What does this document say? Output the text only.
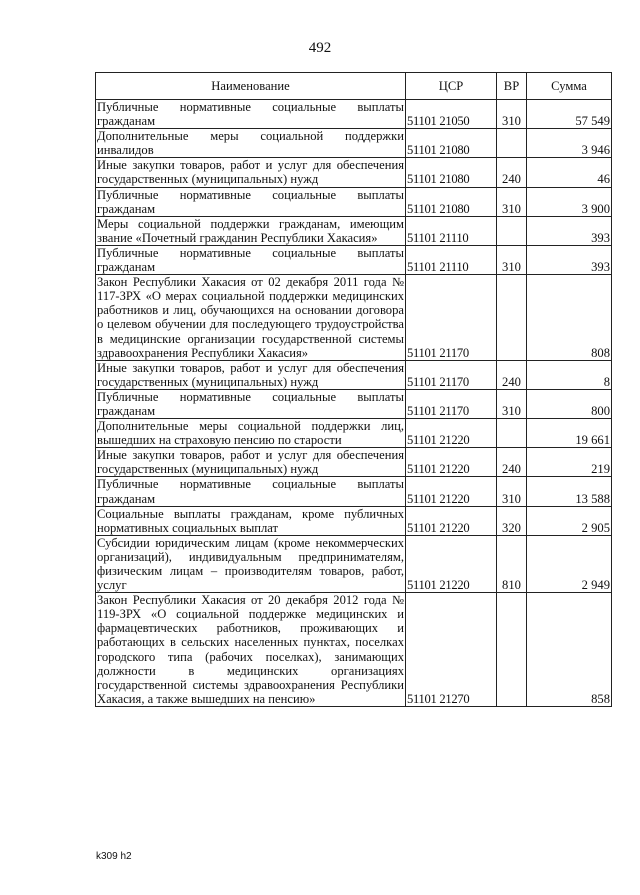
492
Наименование	ЦСР	ВР	Сумма
Публичные нормативные социальные выплаты гражданам	51101 21050	310	57 549
Дополнительные меры социальной поддержки инвалидов	51101 21080		3 946
Иные закупки товаров, работ и услуг для обеспечения государственных (муниципальных) нужд	51101 21080	240	46
Публичные нормативные социальные выплаты гражданам	51101 21080	310	3 900
Меры социальной поддержки гражданам, имеющим звание «Почетный гражданин Республики Хакасия»	51101 21110		393
Публичные нормативные социальные выплаты гражданам	51101 21110	310	393
Закон Республики Хакасия от 02 декабря 2011 года № 117-ЗРХ «О мерах социальной поддержки медицинских работников и лиц, обучающихся на основании договора о целевом обучении для последующего трудоустройства в медицинские организации государственной системы здравоохранения Республики Хакасия»	51101 21170		808
Иные закупки товаров, работ и услуг для обеспечения государственных (муниципальных) нужд	51101 21170	240	8
Публичные нормативные социальные выплаты гражданам	51101 21170	310	800
Дополнительные меры социальной поддержки лиц, вышедших на страховую пенсию по старости	51101 21220		19 661
Иные закупки товаров, работ и услуг для обеспечения государственных (муниципальных) нужд	51101 21220	240	219
Публичные нормативные социальные выплаты гражданам	51101 21220	310	13 588
Социальные выплаты гражданам, кроме публичных нормативных социальных выплат	51101 21220	320	2 905
Субсидии юридическим лицам (кроме некоммерческих организаций), индивидуальным предпринимателям, физическим лицам – производителям товаров, работ, услуг	51101 21220	810	2 949
Закон Республики Хакасия от 20 декабря 2012 года № 119-ЗРХ «О социальной поддержке медицинских и фармацевтических работников, проживающих и работающих в сельских населенных пунктах, поселках городского типа (рабочих поселках), занимающих должности в медицинских организациях государственной системы здравоохранения Республики Хакасия, а также вышедших на пенсию»	51101 21270		858
k309 h2
